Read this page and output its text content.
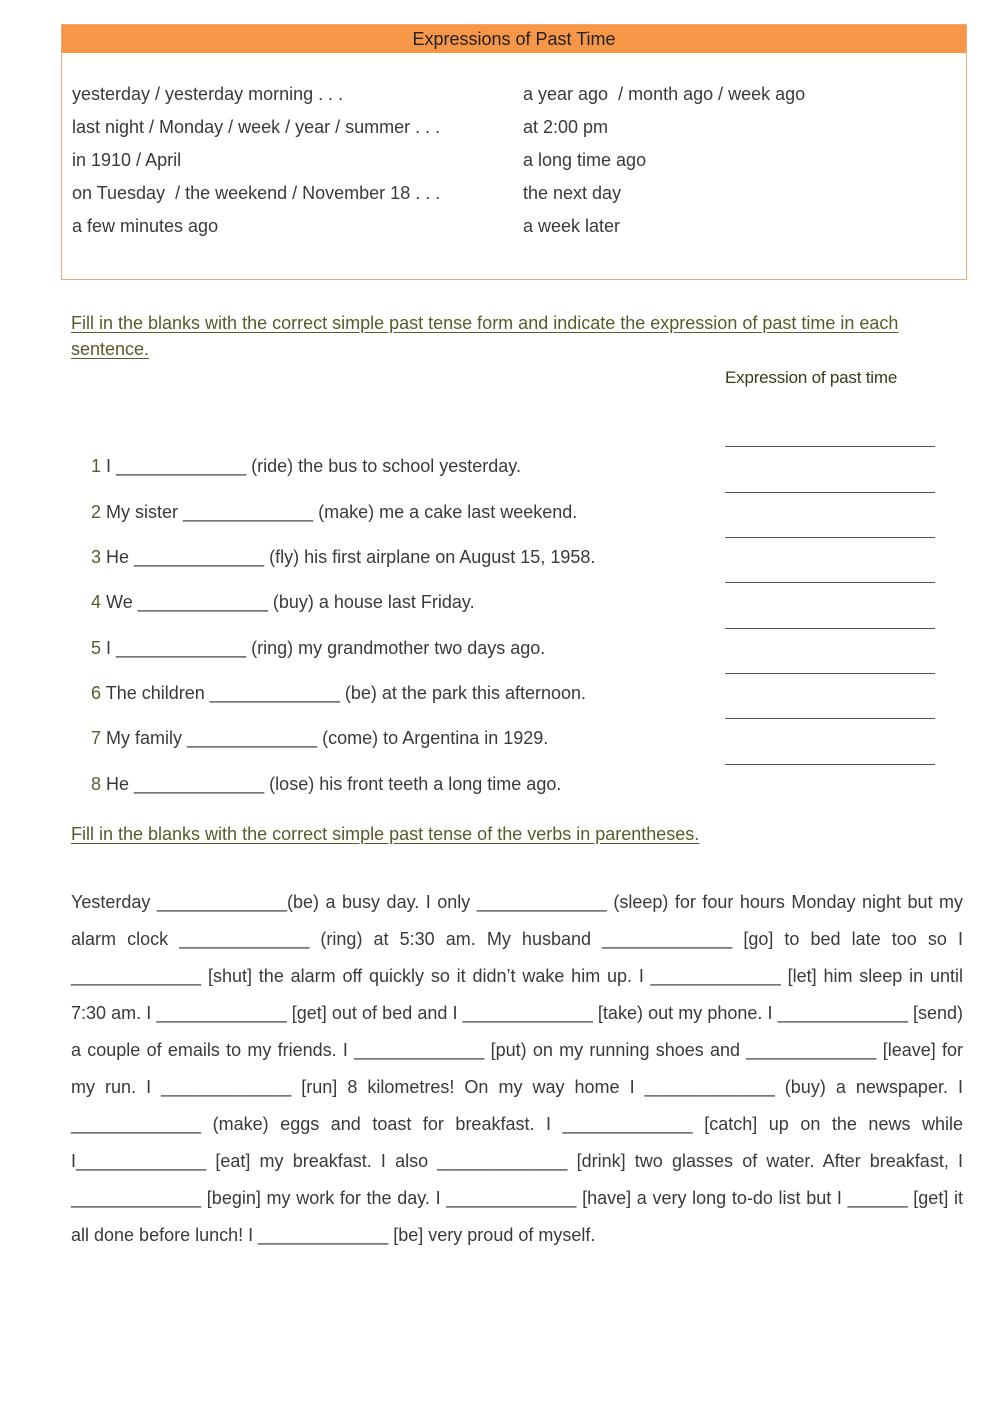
Expressions of Past Time
yesterday / yesterday morning . . .
last night / Monday / week / year / summer . . .
in 1910 / April
on Tuesday  / the weekend / November 18 . . .
a few minutes ago
a year ago  / month ago / week ago
at 2:00 pm
a long time ago
the next day
a week later
Fill in the blanks with the correct simple past tense form and indicate the expression of past time in each sentence.
Expression of past time

1 I _____________ (ride) the bus to school yesterday.

2 My sister _____________ (make) me a cake last weekend.

3 He _____________ (fly) his first airplane on August 15, 1958.

4 We _____________ (buy) a house last Friday.

5 I _____________ (ring) my grandmother two days ago.

6 The children _____________ (be) at the park this afternoon.

7 My family _____________ (come) to Argentina in 1929.

8 He _____________ (lose) his front teeth a long time ago.

Fill in the blanks with the correct simple past tense of the verbs in parentheses.
Yesterday _____________(be) a busy day. I only _____________ (sleep) for four hours Monday night but my alarm clock _____________ (ring) at 5:30 am. My husband _____________ [go] to bed late too so I _____________ [shut] the alarm off quickly so it didn’t wake him up. I _____________ [let] him sleep in until 7:30 am. I _____________ [get] out of bed and I _____________ [take) out my phone. I _____________ [send) a couple of emails to my friends. I _____________ [put) on my running shoes and _____________ [leave] for my run. I _____________ [run] 8 kilometres! On my way home I _____________ (buy) a newspaper. I _____________ (make) eggs and toast for breakfast. I _____________ [catch] up on the news while I_____________ [eat] my breakfast. I also _____________ [drink] two glasses of water. After breakfast, I _____________ [begin] my work for the day. I _____________ [have] a very long to-do list but I ______ [get] it all done before lunch! I _____________ [be] very proud of myself.
